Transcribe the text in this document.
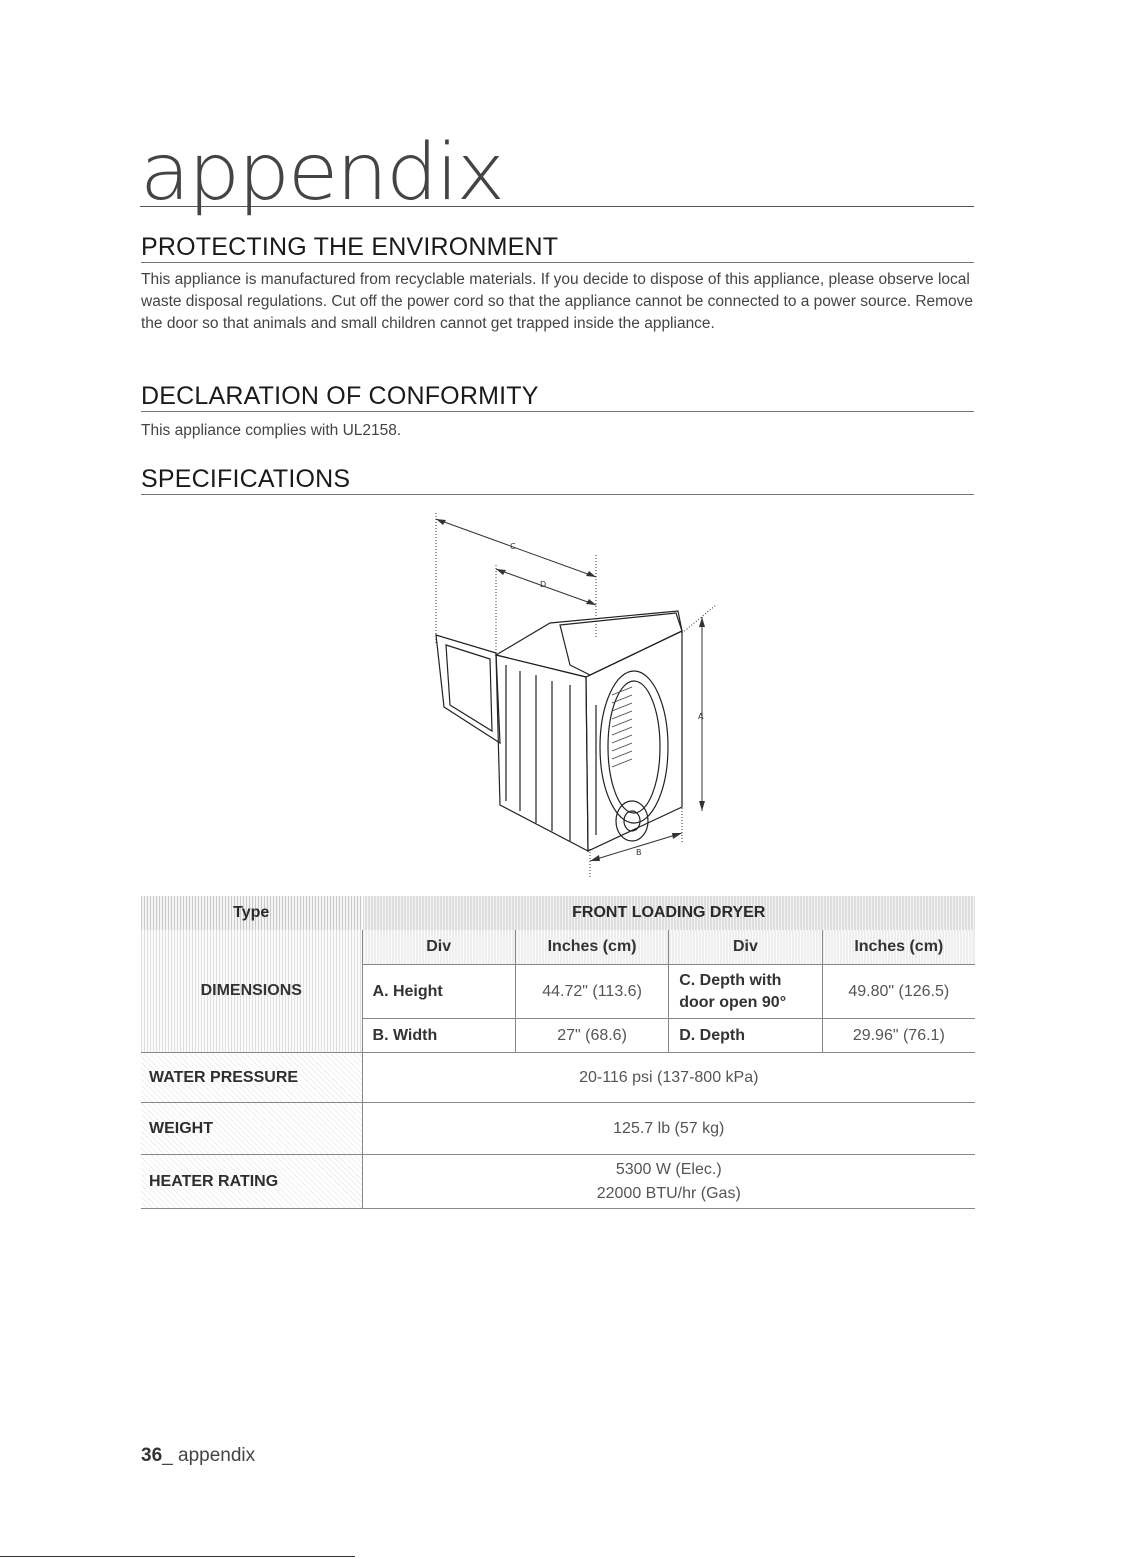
appendix
PROTECTING THE ENVIRONMENT
This appliance is manufactured from recyclable materials. If you decide to dispose of this appliance, please observe local waste disposal regulations. Cut off the power cord so that the appliance cannot be connected to a power source. Remove the door so that animals and small children cannot get trapped inside the appliance.
DECLARATION OF CONFORMITY
This appliance complies with UL2158.
SPECIFICATIONS
C
D
A
B
Type	FRONT LOADING DRYER			
DIMENSIONS	Div	Inches (cm)	Div	Inches (cm)
	A. Height	44.72" (113.6)	C. Depth with door open 90°	49.80" (126.5)
	B. Width	27" (68.6)	D. Depth	29.96" (76.1)
WATER PRESSURE	20-116 psi (137-800 kPa)			
WEIGHT	125.7 lb (57 kg)			
HEATER RATING	5300 W (Elec.)
22000 BTU/hr (Gas)			
36_ appendix
